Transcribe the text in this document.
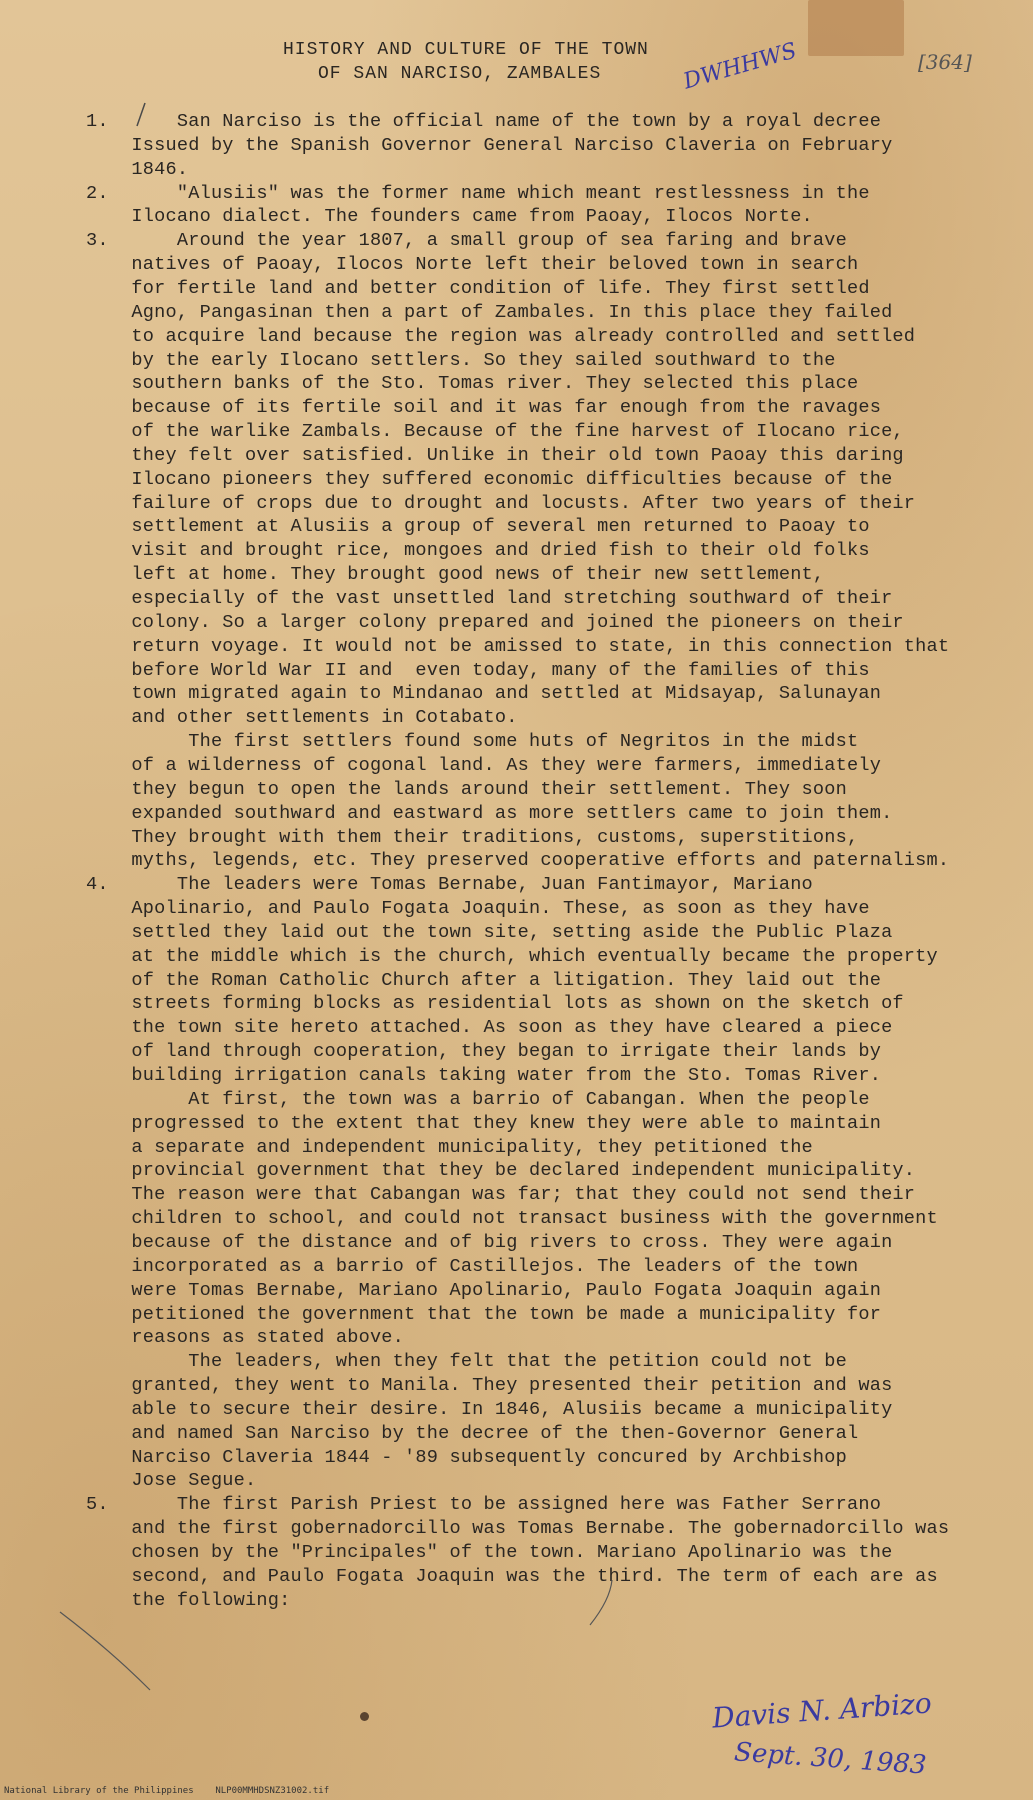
HISTORY AND CULTURE OF THE TOWN
OF SAN NARCISO, ZAMBALES	DWHHWS	[364]
1.      San Narciso is the official name of the town by a royal decree
Issued by the Spanish Governor General Narciso Claveria on February
1846.
2.      "Alusiis" was the former name which meant restlessness in the
Ilocano dialect. The founders came from Paoay, Ilocos Norte.
3.      Around the year 1807, a small group of sea faring and brave
natives of Paoay, Ilocos Norte left their beloved town in search
for fertile land and better condition of life. They first settled
Agno, Pangasinan then a part of Zambales. In this place they failed
to acquire land because the region was already controlled and settled
by the early Ilocano settlers. So they sailed southward to the
southern banks of the Sto. Tomas river. They selected this place
because of its fertile soil and it was far enough from the ravages
of the warlike Zambals. Because of the fine harvest of Ilocano rice,
they felt over satisfied. Unlike in their old town Paoay this daring
Ilocano pioneers they suffered economic difficulties because of the
failure of crops due to drought and locusts. After two years of their
settlement at Alusiis a group of several men returned to Paoay to
visit and brought rice, mongoes and dried fish to their old folks
left at home. They brought good news of their new settlement,
especially of the vast unsettled land stretching southward of their
colony. So a larger colony prepared and joined the pioneers on their
return voyage. It would not be amissed to state, in this connection that
before World War II and  even today, many of the families of this
town migrated again to Mindanao and settled at Midsayap, Salunayan
and other settlements in Cotabato.
The first settlers found some huts of Negritos in the midst
of a wilderness of cogonal land. As they were farmers, immediately
they begun to open the lands around their settlement. They soon
expanded southward and eastward as more settlers came to join them.
They brought with them their traditions, customs, superstitions,
myths, legends, etc. They preserved cooperative efforts and paternalism.
4.      The leaders were Tomas Bernabe, Juan Fantimayor, Mariano
Apolinario, and Paulo Fogata Joaquin. These, as soon as they have
settled they laid out the town site, setting aside the Public Plaza
at the middle which is the church, which eventually became the property
of the Roman Catholic Church after a litigation. They laid out the
streets forming blocks as residential lots as shown on the sketch of
the town site hereto attached. As soon as they have cleared a piece
of land through cooperation, they began to irrigate their lands by
building irrigation canals taking water from the Sto. Tomas River.
At first, the town was a barrio of Cabangan. When the people
progressed to the extent that they knew they were able to maintain
a separate and independent municipality, they petitioned the
provincial government that they be declared independent municipality.
The reason were that Cabangan was far; that they could not send their
children to school, and could not transact business with the government
because of the distance and of big rivers to cross. They were again
incorporated as a barrio of Castillejos. The leaders of the town
were Tomas Bernabe, Mariano Apolinario, Paulo Fogata Joaquin again
petitioned the government that the town be made a municipality for
reasons as stated above.
The leaders, when they felt that the petition could not be
granted, they went to Manila. They presented their petition and was
able to secure their desire. In 1846, Alusiis became a municipality
and named San Narciso by the decree of the then-Governor General
Narciso Claveria 1844 - '89 subsequently concured by Archbishop
Jose Segue.
5.      The first Parish Priest to be assigned here was Father Serrano
and the first gobernadorcillo was Tomas Bernabe. The gobernadorcillo was
chosen by the "Principales" of the town. Mariano Apolinario was the
second, and Paulo Fogata Joaquin was the third. The term of each are as
the following:
Davis N. Arbizo
Sept. 30, 1983
National Library of the Philippines    NLP00MMHDSNZ31002.tif
